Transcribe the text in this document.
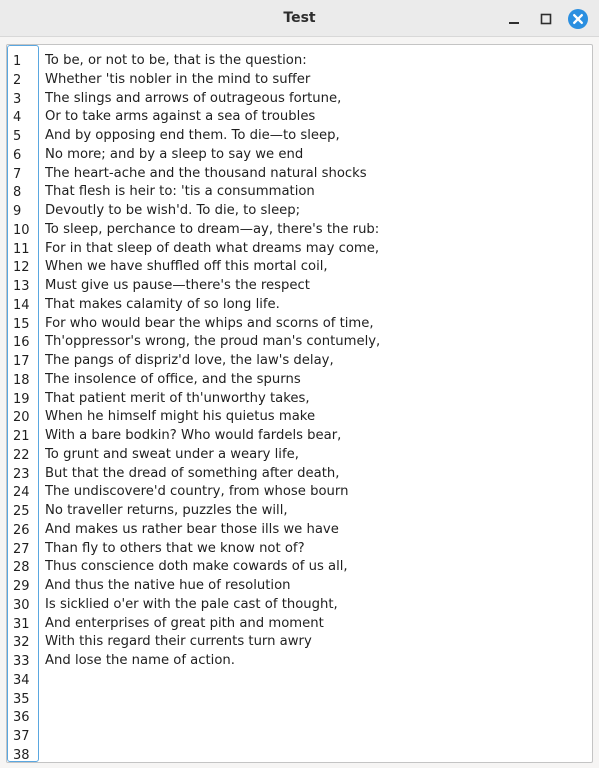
Test
1
2
3
4
5
6
7
8
9
10
11
12
13
14
15
16
17
18
19
20
21
22
23
24
25
26
27
28
29
30
31
32
33
34
35
36
37
38
To be, or not to be, that is the question:
Whether 'tis nobler in the mind to suffer
The slings and arrows of outrageous fortune,
Or to take arms against a sea of troubles
And by opposing end them. To die—to sleep,
No more; and by a sleep to say we end
The heart-ache and the thousand natural shocks
That flesh is heir to: 'tis a consummation
Devoutly to be wish'd. To die, to sleep;
To sleep, perchance to dream—ay, there's the rub:
For in that sleep of death what dreams may come,
When we have shuffled off this mortal coil,
Must give us pause—there's the respect
That makes calamity of so long life.
For who would bear the whips and scorns of time,
Th'oppressor's wrong, the proud man's contumely,
The pangs of dispriz'd love, the law's delay,
The insolence of office, and the spurns
That patient merit of th'unworthy takes,
When he himself might his quietus make
With a bare bodkin? Who would fardels bear,
To grunt and sweat under a weary life,
But that the dread of something after death,
The undiscovere'd country, from whose bourn
No traveller returns, puzzles the will,
And makes us rather bear those ills we have
Than fly to others that we know not of?
Thus conscience doth make cowards of us all,
And thus the native hue of resolution
Is sicklied o'er with the pale cast of thought,
And enterprises of great pith and moment
With this regard their currents turn awry
And lose the name of action.
